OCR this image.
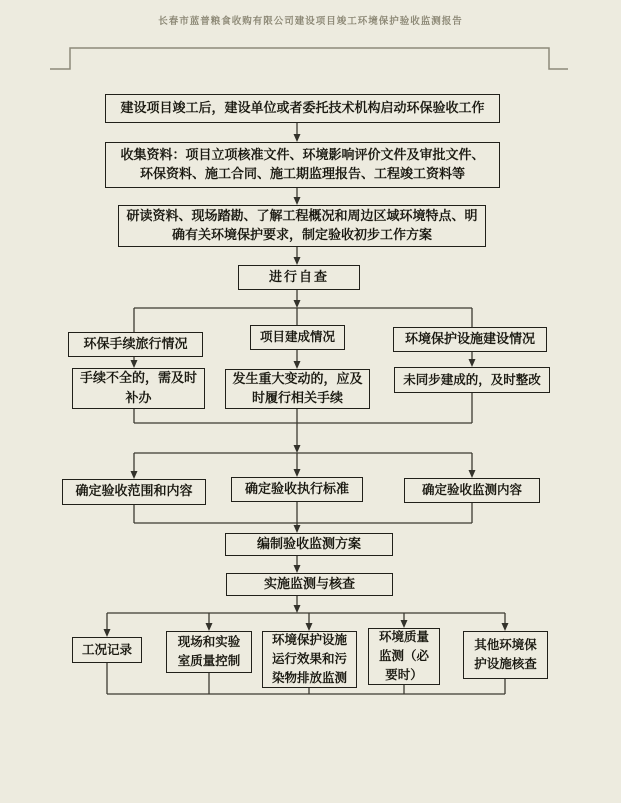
长春市蓝普粮食收购有限公司建设项目竣工环境保护验收监测报告
建设项目竣工后，建设单位或者委托技术机构启动环保验收工作
收集资料：项目立项核准文件、环境影响评价文件及审批文件、环保资料、施工合同、施工期监理报告、工程竣工资料等
研读资料、现场踏勘、了解工程概况和周边区域环境特点、明确有关环境保护要求，制定验收初步工作方案
进行自查
环保手续旅行情况
项目建成情况	环境保护设施建设情况
手续不全的，需及时补办
发生重大变动的，应及时履行相关手续
未同步建成的，及时整改
确定验收范围和内容	确定验收执行标准	确定验收监测内容
编制验收监测方案
实施监测与核查
工况记录	现场和实验室质量控制
环境保护设施运行效果和污染物排放监测
环境质量监测（必要时）
其他环境保护设施核查
